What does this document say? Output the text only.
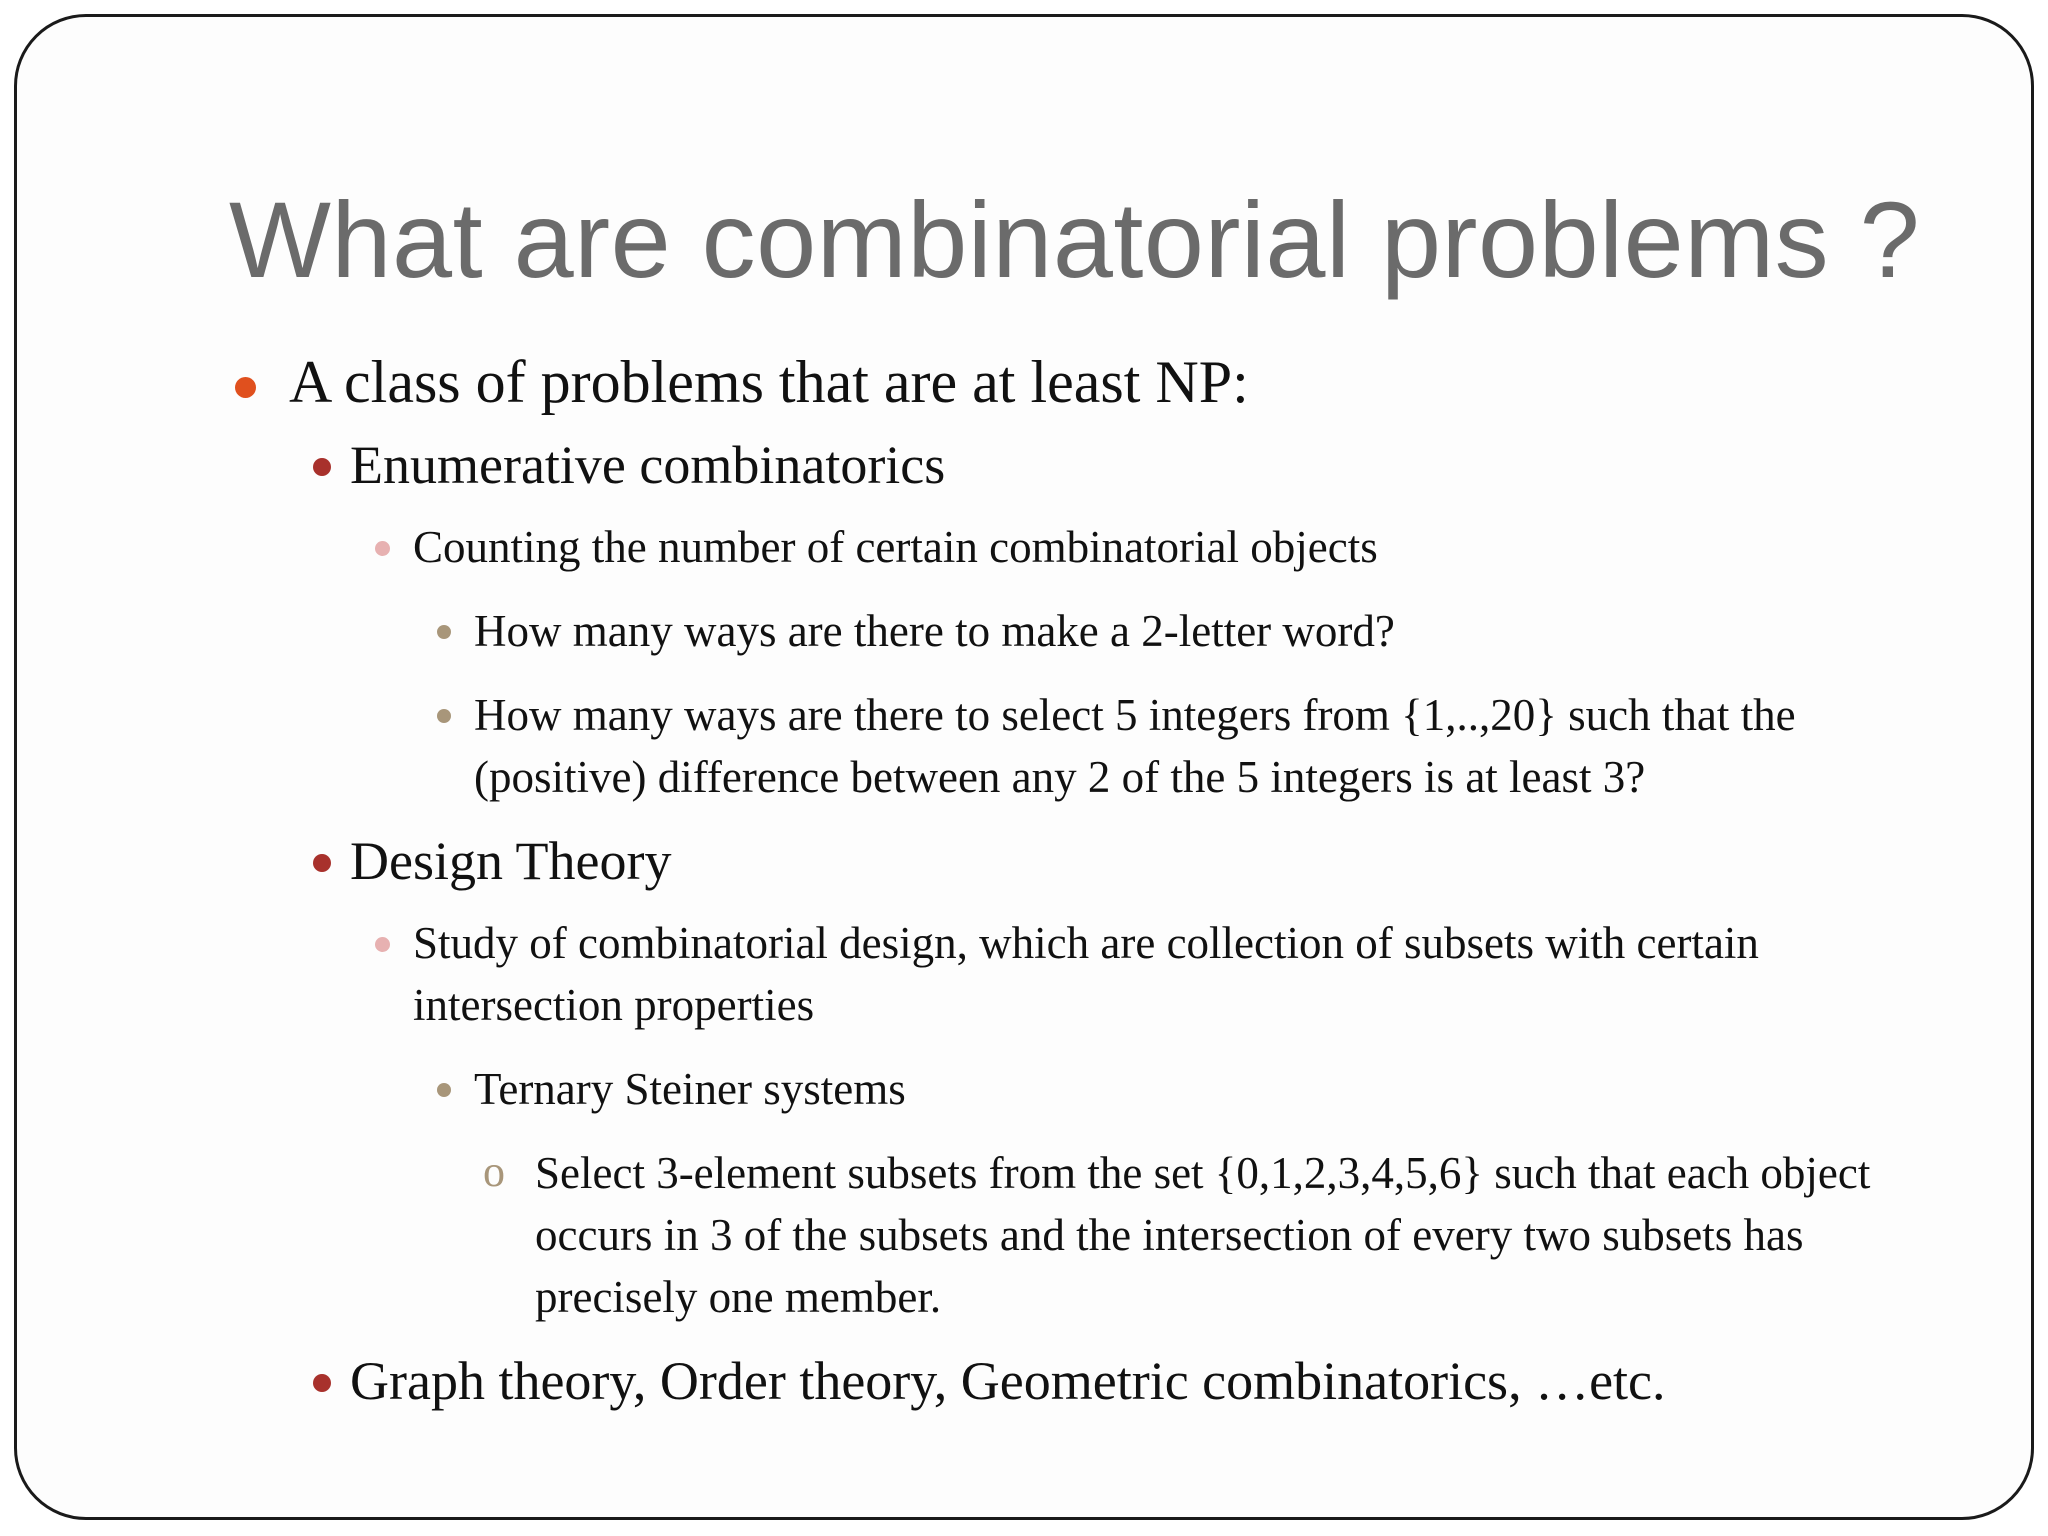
What are combinatorial problems ?
A class of problems that are at least NP:
Enumerative combinatorics
Counting the number of certain combinatorial objects
How many ways are there to make a 2-letter word?
How many ways are there to select 5 integers from {1,..,20} such that the (positive) difference between any 2 of the 5 integers is at least 3?
Design Theory
Study of combinatorial design, which are collection of subsets with certain intersection properties
Ternary Steiner systems
o Select 3-element subsets from the set {0,1,2,3,4,5,6} such that each object occurs in 3 of the subsets and the intersection of every two subsets has precisely one member.
Graph theory, Order theory, Geometric combinatorics, …etc.
